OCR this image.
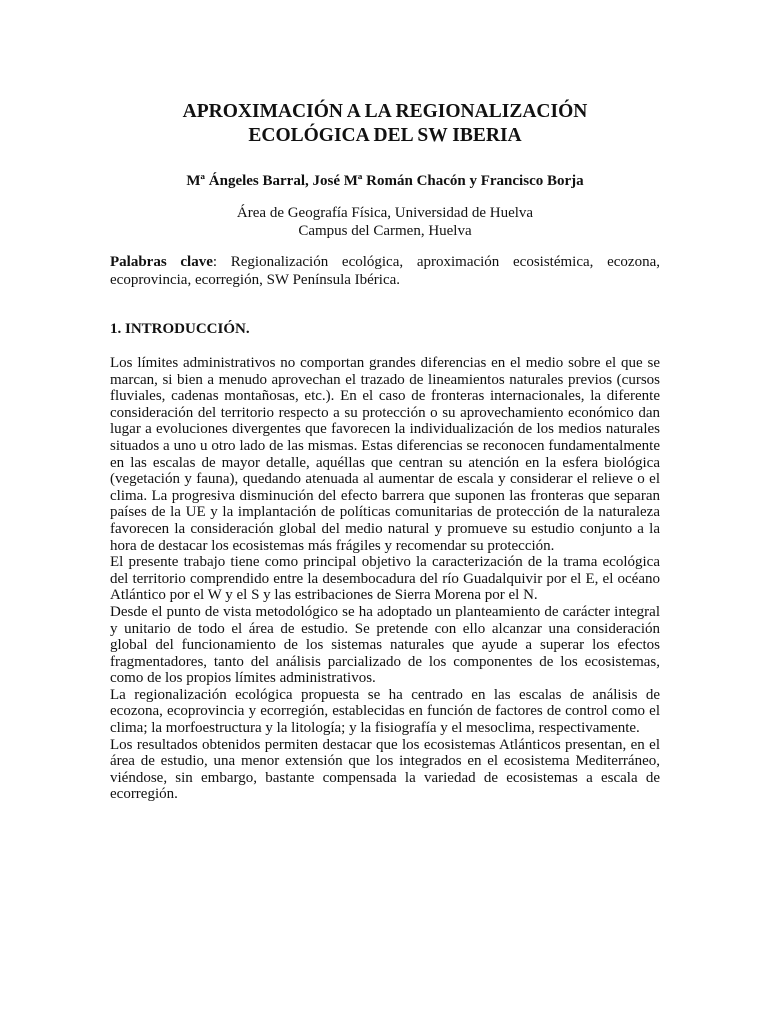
APROXIMACIÓN A LA REGIONALIZACIÓN
ECOLÓGICA DEL SW IBERIA
Mª Ángeles Barral, José Mª Román Chacón y Francisco Borja
Área de Geografía Física, Universidad de Huelva
Campus del Carmen, Huelva

Palabras clave: Regionalización ecológica, aproximación ecosistémica, ecozona, ecoprovincia, ecorregión, SW Península Ibérica.

1. INTRODUCCIÓN.

Los límites administrativos no comportan grandes diferencias en el medio sobre el que se marcan, si bien a menudo aprovechan el trazado de lineamientos naturales previos (cursos fluviales, cadenas montañosas, etc.). En el caso de fronteras internacionales, la diferente consideración del territorio respecto a su protección o su aprovechamiento económico dan lugar a evoluciones divergentes que favorecen la individualización de los medios naturales situados a uno u otro lado de las mismas. Estas diferencias se reconocen fundamentalmente en las escalas de mayor detalle, aquéllas que centran su atención en la esfera biológica (vegetación y fauna), quedando atenuada al aumentar de escala y considerar el relieve o el clima. La progresiva disminución del efecto barrera que suponen las fronteras que separan países de la UE y la implantación de políticas comunitarias de protección de la naturaleza favorecen la consideración global del medio natural y promueve su estudio conjunto a la hora de destacar los ecosistemas más frágiles y recomendar su protección.

El presente trabajo tiene como principal objetivo la caracterización de la trama ecológica del territorio comprendido entre la desembocadura del río Guadalquivir por el E, el océano Atlántico por el W y el S y las estribaciones de Sierra Morena por el N.

Desde el punto de vista metodológico se ha adoptado un planteamiento de carácter integral y unitario de todo el área de estudio. Se pretende con ello alcanzar una consideración global del funcionamiento de los sistemas naturales que ayude a superar los efectos fragmentadores, tanto del análisis parcializado de los componentes de los ecosistemas, como de los propios límites administrativos.

La regionalización ecológica propuesta se ha centrado en las escalas de análisis de ecozona, ecoprovincia y ecorregión, establecidas en función de factores de control como el clima; la morfoestructura y la litología; y la fisiografía y el mesoclima, respectivamente.

Los resultados obtenidos permiten destacar que los ecosistemas Atlánticos presentan, en el área de estudio, una menor extensión que los integrados en el ecosistema Mediterráneo, viéndose, sin embargo, bastante compensada la variedad de ecosistemas a escala de ecorregión.
